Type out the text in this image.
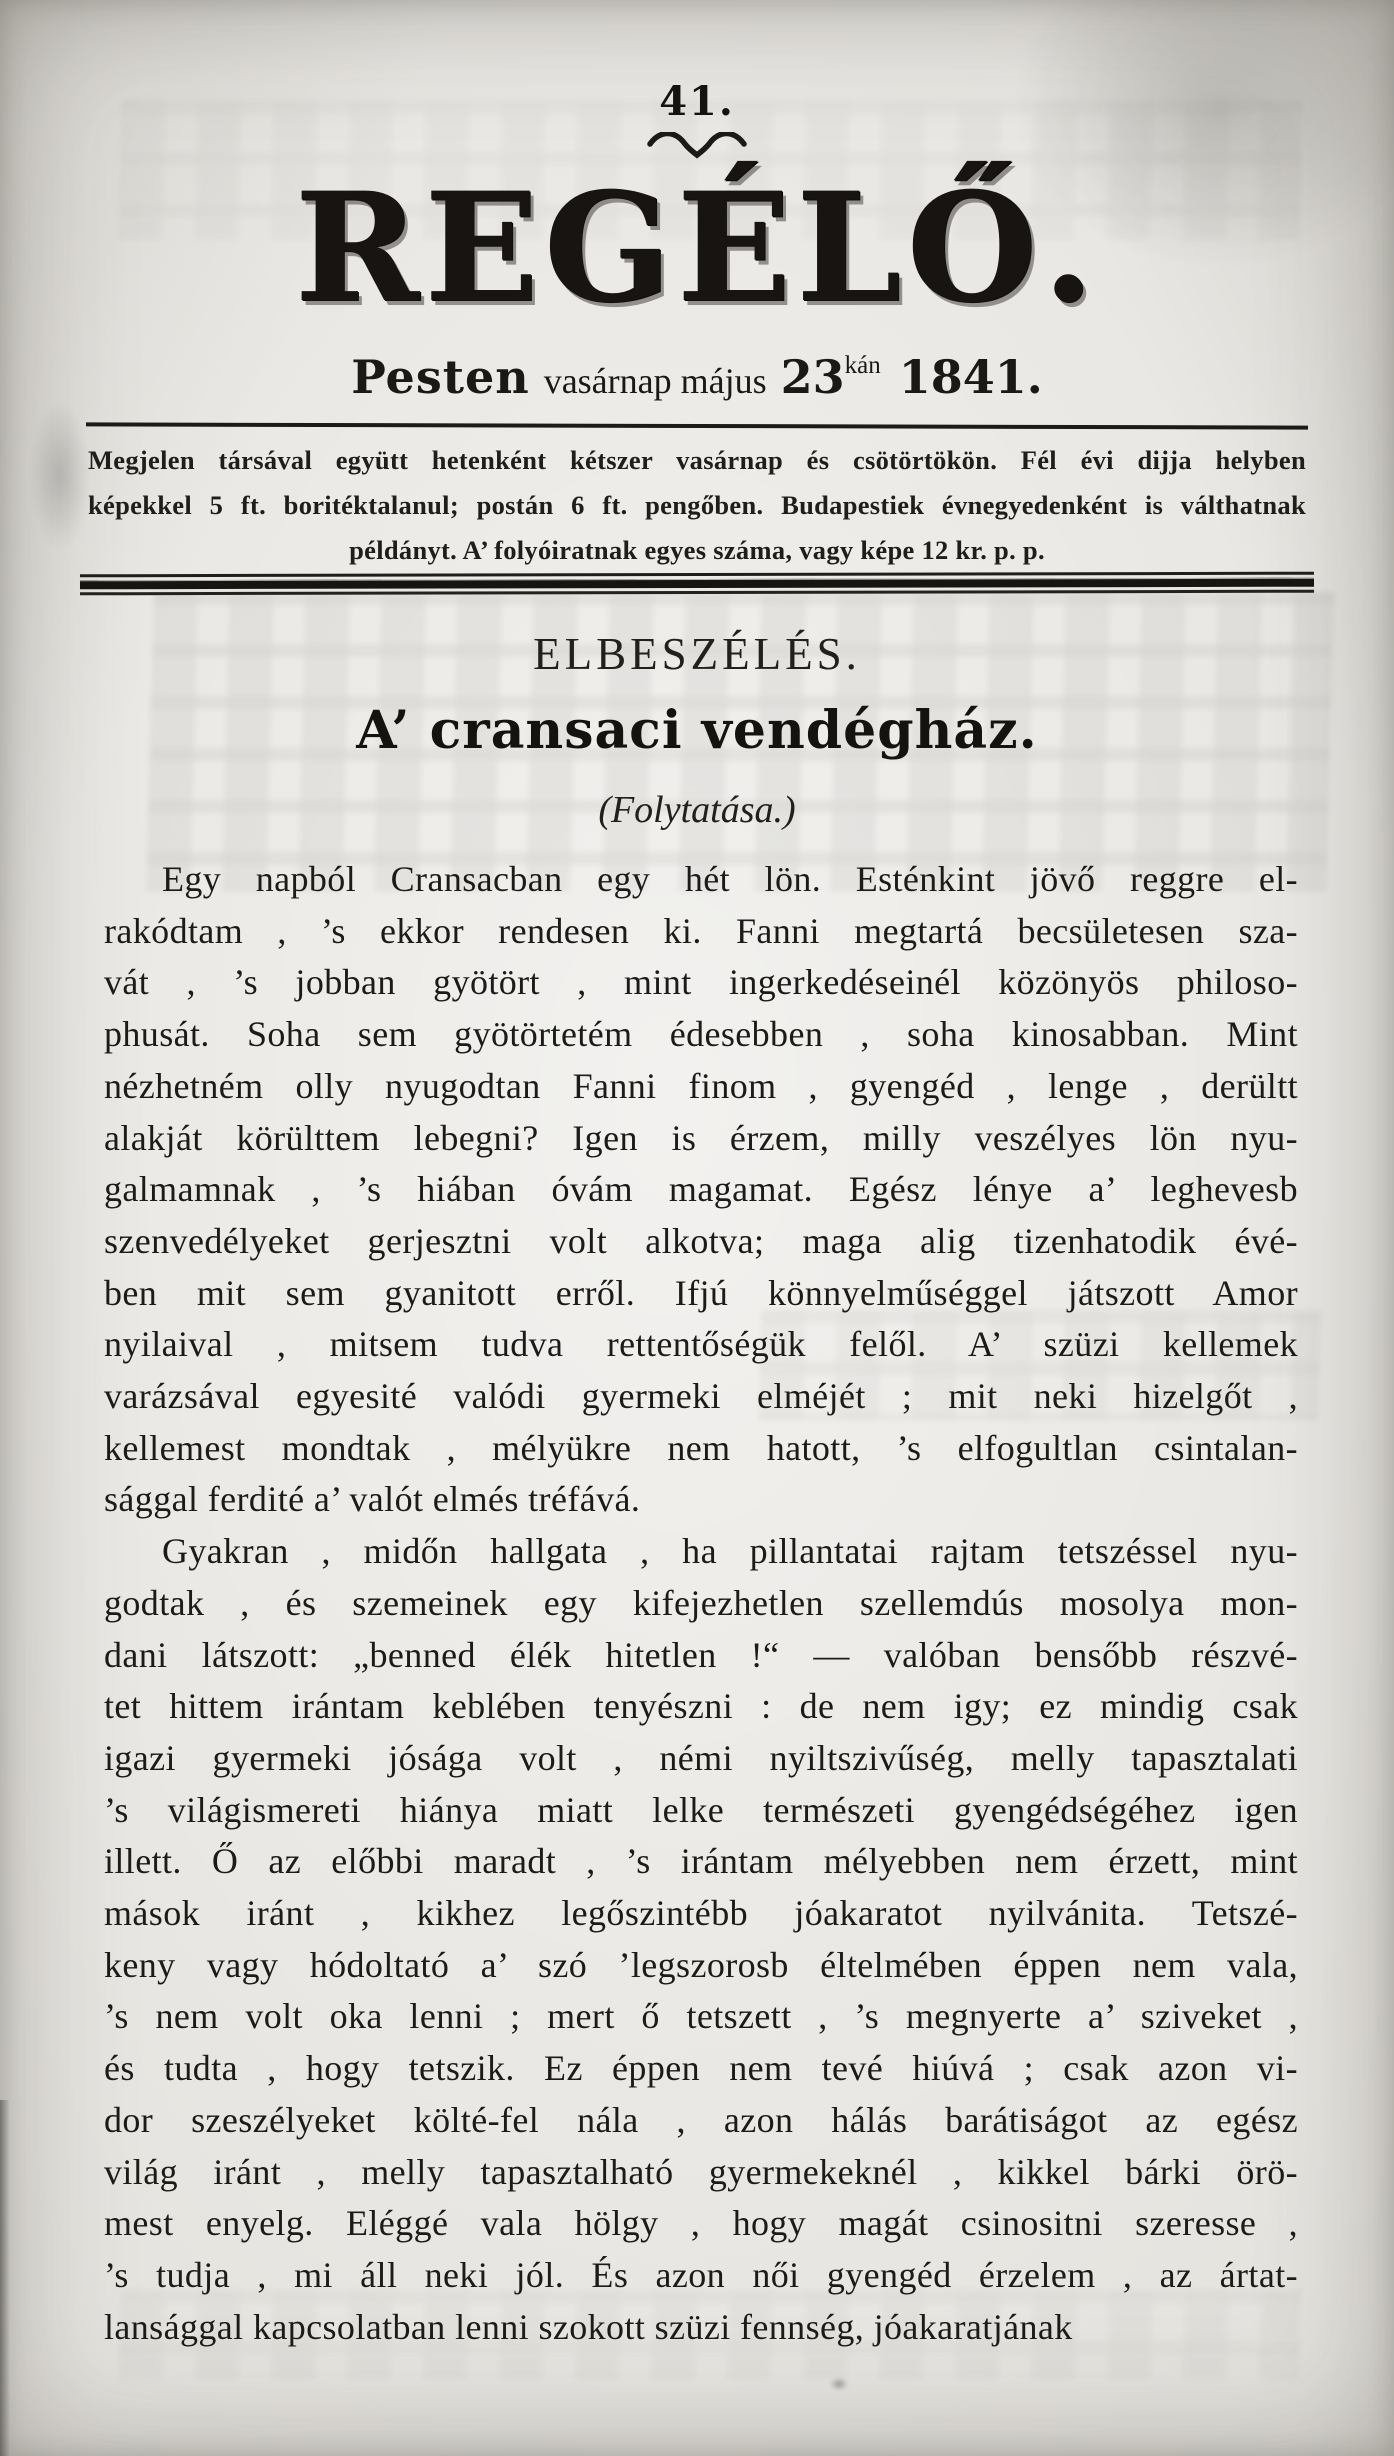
41.
REGÉLŐ.
Pesten vasárnap május $23^{kán}$ 1841.
Megjelen társával együtt hetenként kétszer vasárnap és csötörtökön. Fél évi dijja helyben
képekkel 5 ft. boritéktalanul; postán 6 ft. pengőben. Budapestiek évnegyedenként is válthatnak
példányt. A’ folyóiratnak egyes száma, vagy képe 12 kr. p. p.
ELBESZÉLÉS.
A’ cransaci vendégház.
(Folytatása.)
Egy napból Cransacban egy hét lön. Esténkint jövő reggre el-
rakódtam , ’s ekkor rendesen ki. Fanni megtartá becsületesen sza-
vát , ’s jobban gyötört , mint ingerkedéseinél közönyös philoso-
phusát. Soha sem gyötörtetém édesebben , soha kinosabban. Mint
nézhetném olly nyugodtan Fanni finom , gyengéd , lenge , derültt
alakját körülttem lebegni? Igen is érzem, milly veszélyes lön nyu-
galmamnak , ’s hiában óvám magamat. Egész lénye a’ leghevesb
szenvedélyeket gerjesztni volt alkotva; maga alig tizenhatodik évé-
ben mit sem gyanitott erről. Ifjú könnyelműséggel játszott Amor
nyilaival , mitsem tudva rettentőségük felől. A’ szüzi kellemek
varázsával egyesité valódi gyermeki elméjét ; mit neki hizelgőt ,
kellemest mondtak , mélyükre nem hatott, ’s elfogultlan csintalan-
sággal ferdité a’ valót elmés tréfává.
Gyakran , midőn hallgata , ha pillantatai rajtam tetszéssel nyu-
godtak , és szemeinek egy kifejezhetlen szellemdús mosolya mon-
dani látszott: „benned élék hitetlen !“ — valóban bensőbb részvé-
tet hittem irántam keblében tenyészni : de nem igy; ez mindig csak
igazi gyermeki jósága volt , némi nyiltszivűség, melly tapasztalati
’s világismereti hiánya miatt lelke természeti gyengédségéhez igen
illett. Ő az előbbi maradt , ’s irántam mélyebben nem érzett, mint
mások iránt , kikhez legőszintébb jóakaratot nyilvánita. Tetszé-
keny vagy hódoltató a’ szó ’legszorosb éltelmében éppen nem vala,
’s nem volt oka lenni ; mert ő tetszett , ’s megnyerte a’ sziveket ,
és tudta , hogy tetszik. Ez éppen nem tevé hiúvá ; csak azon vi-
dor szeszélyeket költé-fel nála , azon hálás barátiságot az egész
világ iránt , melly tapasztalható gyermekeknél , kikkel bárki örö-
mest enyelg. Eléggé vala hölgy , hogy magát csinositni szeresse ,
’s tudja , mi áll neki jól. És azon női gyengéd érzelem , az ártat-
lansággal kapcsolatban lenni szokott szüzi fennség, jóakaratjának
